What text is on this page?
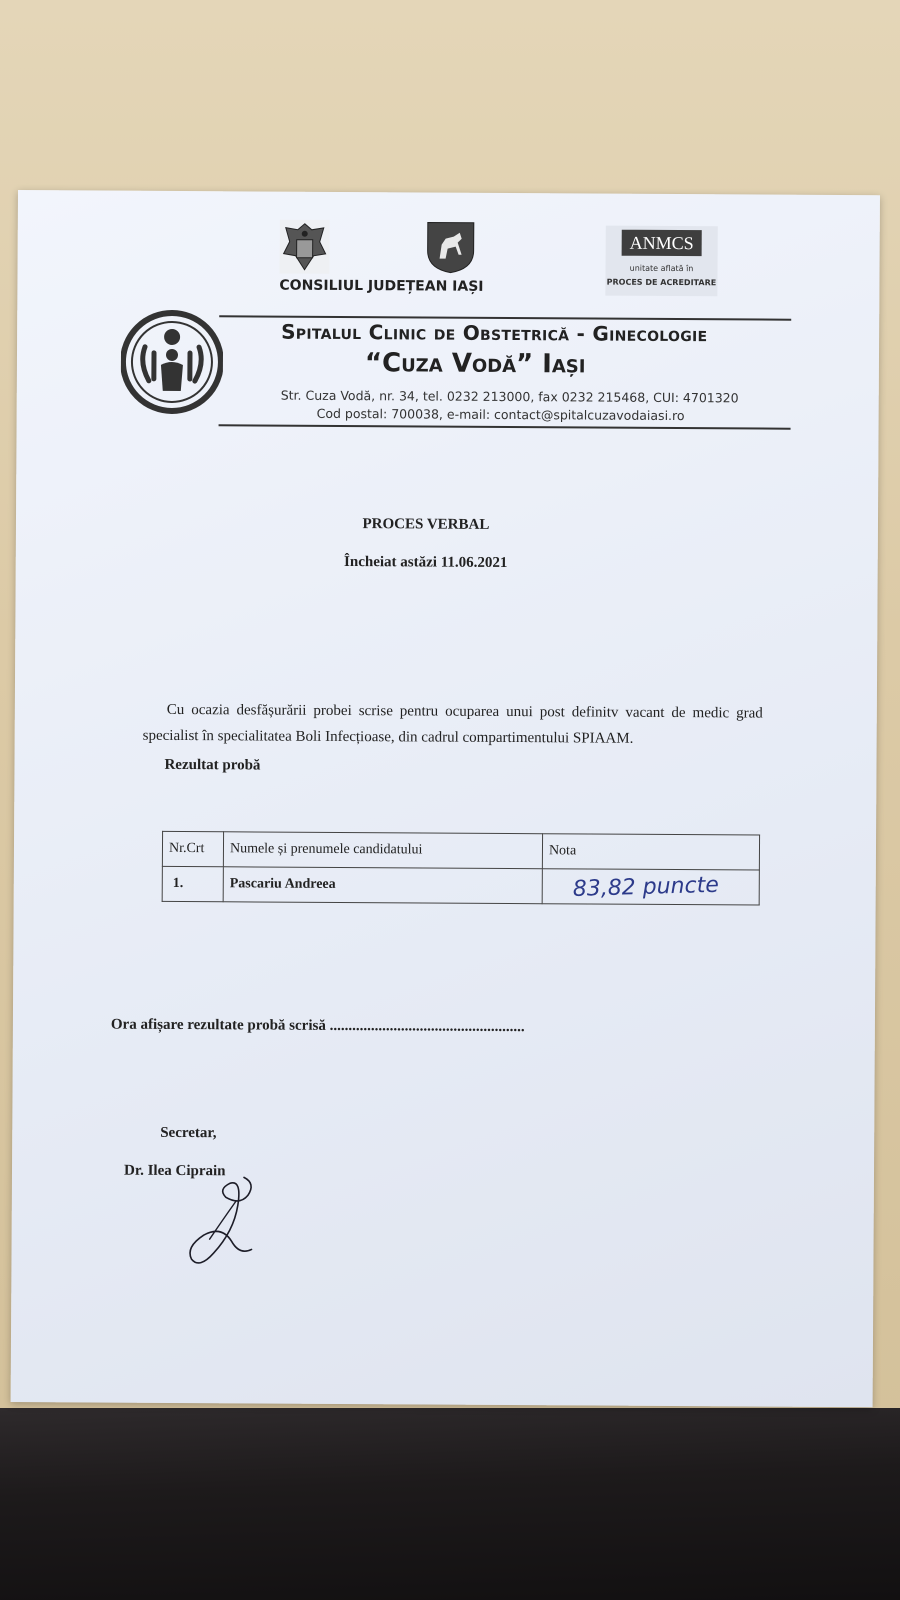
CONSILIUL JUDEȚEAN IAȘI
ANMCS
unitate aflată în
PROCES DE ACREDITARE
Spitalul Clinic de Obstetrică - Ginecologie
“Cuza Vodă” Iași
Str. Cuza Vodă, nr. 34, tel. 0232 213000, fax 0232 215468, CUI: 4701320
Cod postal: 700038, e-mail: contact@spitalcuzavodaiasi.ro
PROCES VERBAL
Încheiat astăzi 11.06.2021
Cu ocazia desfășurării probei scrise pentru ocuparea unui post definitv vacant de medic grad specialist în specialitatea Boli Infecțioase, din cadrul compartimentului SPIAAM.
Rezultat probă
Nr.Crt	Numele și prenumele candidatului	Nota
1.	Pascariu Andreea	83,82 puncte
Ora afișare rezultate probă scrisă ....................................................
Secretar,
Dr. Ilea Ciprain
